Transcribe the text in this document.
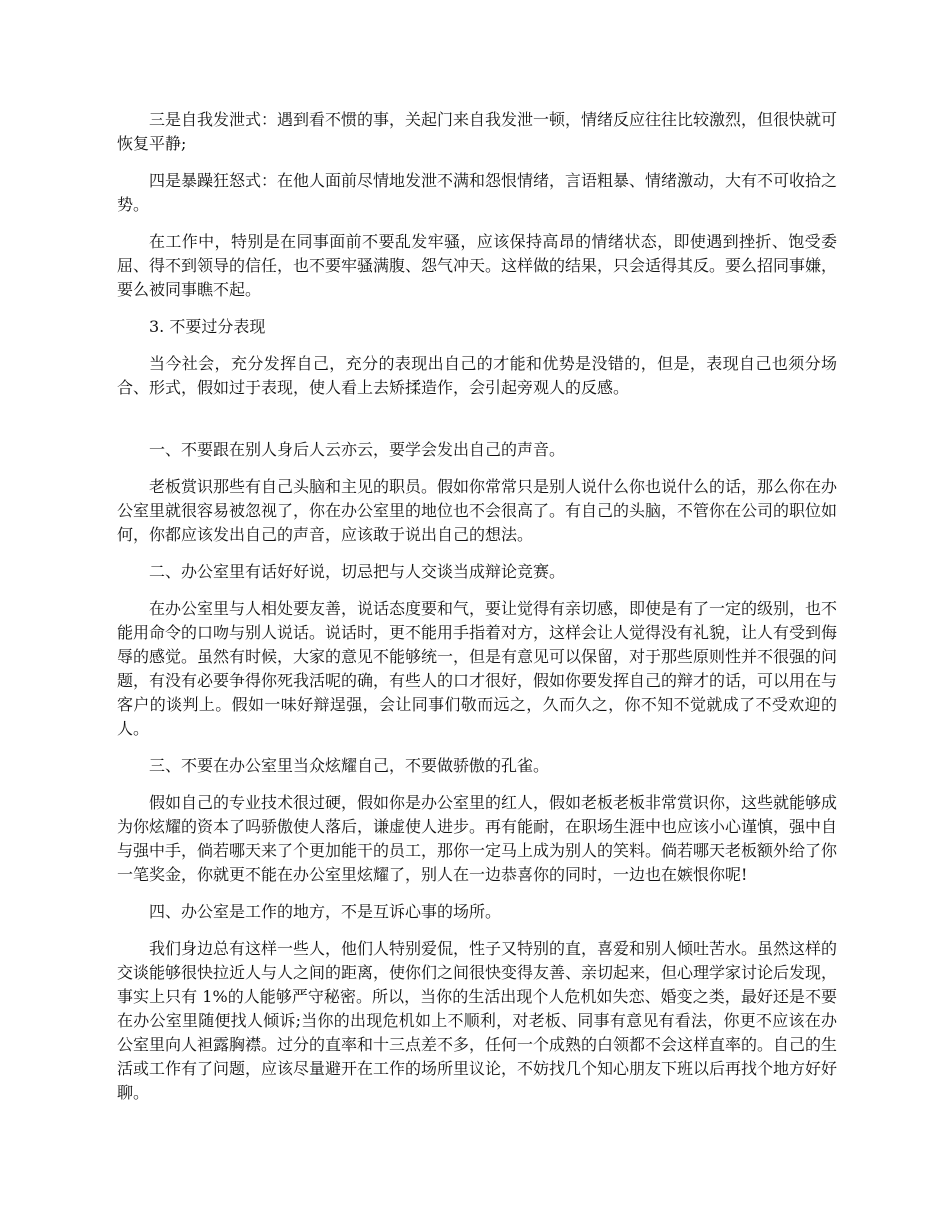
三是自我发泄式：遇到看不惯的事，关起门来自我发泄一顿，情绪反应往往比较激烈，但很快就可恢复平静;

四是暴躁狂怒式：在他人面前尽情地发泄不满和怨恨情绪，言语粗暴、情绪激动，大有不可收拾之势。

在工作中，特别是在同事面前不要乱发牢骚，应该保持高昂的情绪状态，即使遇到挫折、饱受委屈、得不到领导的信任，也不要牢骚满腹、怨气冲天。这样做的结果，只会适得其反。要么招同事嫌，要么被同事瞧不起。

3. 不要过分表现

当今社会，充分发挥自己，充分的表现出自己的才能和优势是没错的，但是，表现自己也须分场合、形式，假如过于表现，使人看上去矫揉造作，会引起旁观人的反感。

一、不要跟在别人身后人云亦云，要学会发出自己的声音。

老板赏识那些有自己头脑和主见的职员。假如你常常只是别人说什么你也说什么的话，那么你在办公室里就很容易被忽视了，你在办公室里的地位也不会很高了。有自己的头脑，不管你在公司的职位如何，你都应该发出自己的声音，应该敢于说出自己的想法。

二、办公室里有话好好说，切忌把与人交谈当成辩论竞赛。

在办公室里与人相处要友善，说话态度要和气，要让觉得有亲切感，即使是有了一定的级别，也不能用命令的口吻与别人说话。说话时，更不能用手指着对方，这样会让人觉得没有礼貌，让人有受到侮辱的感觉。虽然有时候，大家的意见不能够统一，但是有意见可以保留，对于那些原则性并不很强的问题，有没有必要争得你死我活呢的确，有些人的口才很好，假如你要发挥自己的辩才的话，可以用在与客户的谈判上。假如一味好辩逞强，会让同事们敬而远之，久而久之，你不知不觉就成了不受欢迎的人。

三、不要在办公室里当众炫耀自己，不要做骄傲的孔雀。

假如自己的专业技术很过硬，假如你是办公室里的红人，假如老板老板非常赏识你，这些就能够成为你炫耀的资本了吗骄傲使人落后，谦虚使人进步。再有能耐，在职场生涯中也应该小心谨慎，强中自与强中手，倘若哪天来了个更加能干的员工，那你一定马上成为别人的笑料。倘若哪天老板额外给了你一笔奖金，你就更不能在办公室里炫耀了，别人在一边恭喜你的同时，一边也在嫉恨你呢!

四、办公室是工作的地方，不是互诉心事的场所。

我们身边总有这样一些人，他们人特别爱侃，性子又特别的直，喜爱和别人倾吐苦水。虽然这样的交谈能够很快拉近人与人之间的距离，使你们之间很快变得友善、亲切起来，但心理学家讨论后发现，事实上只有 1%的人能够严守秘密。所以，当你的生活出现个人危机如失恋、婚变之类，最好还是不要在办公室里随便找人倾诉;当你的出现危机如上不顺利，对老板、同事有意见有看法，你更不应该在办公室里向人袒露胸襟。过分的直率和十三点差不多，任何一个成熟的白领都不会这样直率的。自己的生活或工作有了问题，应该尽量避开在工作的场所里议论，不妨找几个知心朋友下班以后再找个地方好好聊。
